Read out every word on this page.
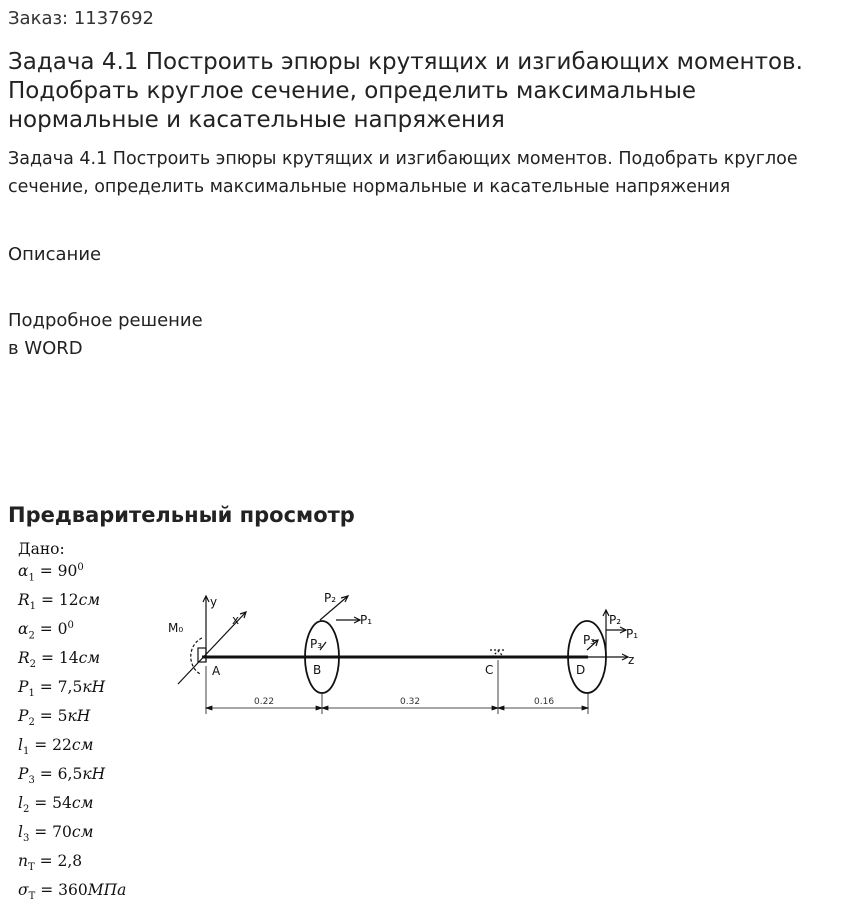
Заказ: 1137692
Задача 4.1 Построить эпюры крутящих и изгибающих моментов. Подобрать круглое сечение, определить максимальные нормальные и касательные напряжения
Задача 4.1 Построить эпюры крутящих и изгибающих моментов. Подобрать круглое сечение, определить максимальные нормальные и касательные напряжения
Описание
Подробное решение
в WORD
Предварительный просмотр
Дано:
$\alpha_1 = 90^0$
$R_1 = 12см$
$\alpha_2 = 0^0$
$R_2 = 14см$
$P_1 = 7,5кН$
$P_2 = 5кН$
$l_1 = 22см$
$P_3 = 6,5кН$
$l_2 = 54см$
$l_3 = 70см$
$n_T = 2,8$
$\sigma_T = 360МПа$
y
x
M₀
A	B	C	D
P₂
P₁
P₃	P₃
P₂
P₁
z
0.22	0.32	0.16
